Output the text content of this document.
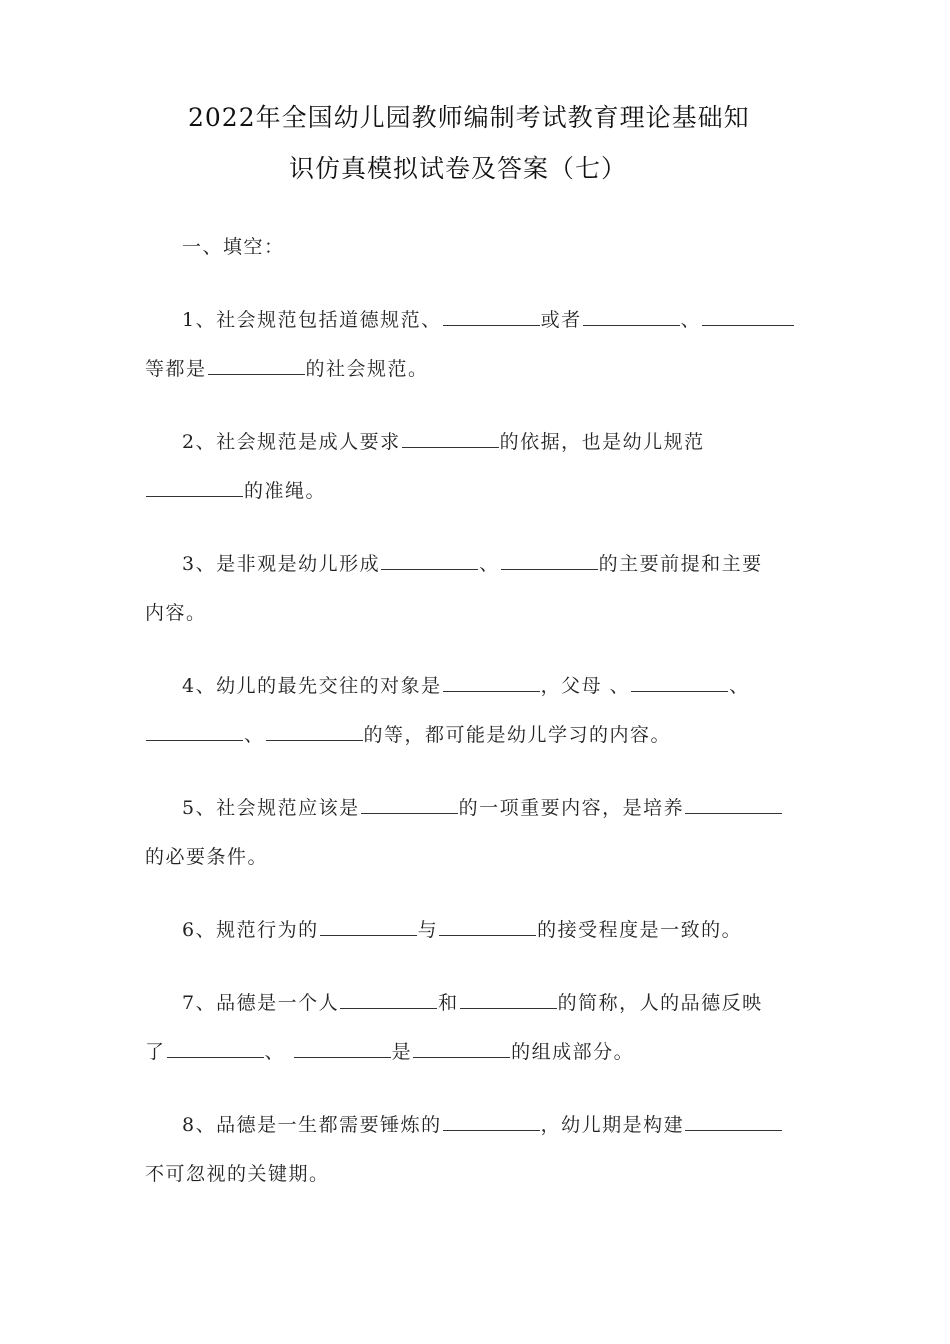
2022年全国幼儿园教师编制考试教育理论基础知
识仿真模拟试卷及答案（七）
一、填空：
1、社会规范包括道德规范、	或者	、
等都是	的社会规范。
2、社会规范是成人要求	的依据，也是幼儿规范
的准绳。
3、是非观是幼儿形成	、	的主要前提和主要
内容。
4、幼儿的最先交往的对象是	，父母 、	、
、	的等，都可能是幼儿学习的内容。
5、社会规范应该是	的一项重要内容，是培养
的必要条件。
6、规范行为的	与	的接受程度是一致的。
7、品德是一个人	和	的简称，人的品德反映
了	、	是	的组成部分。
8、品德是一生都需要锤炼的	，幼儿期是构建
不可忽视的关键期。
